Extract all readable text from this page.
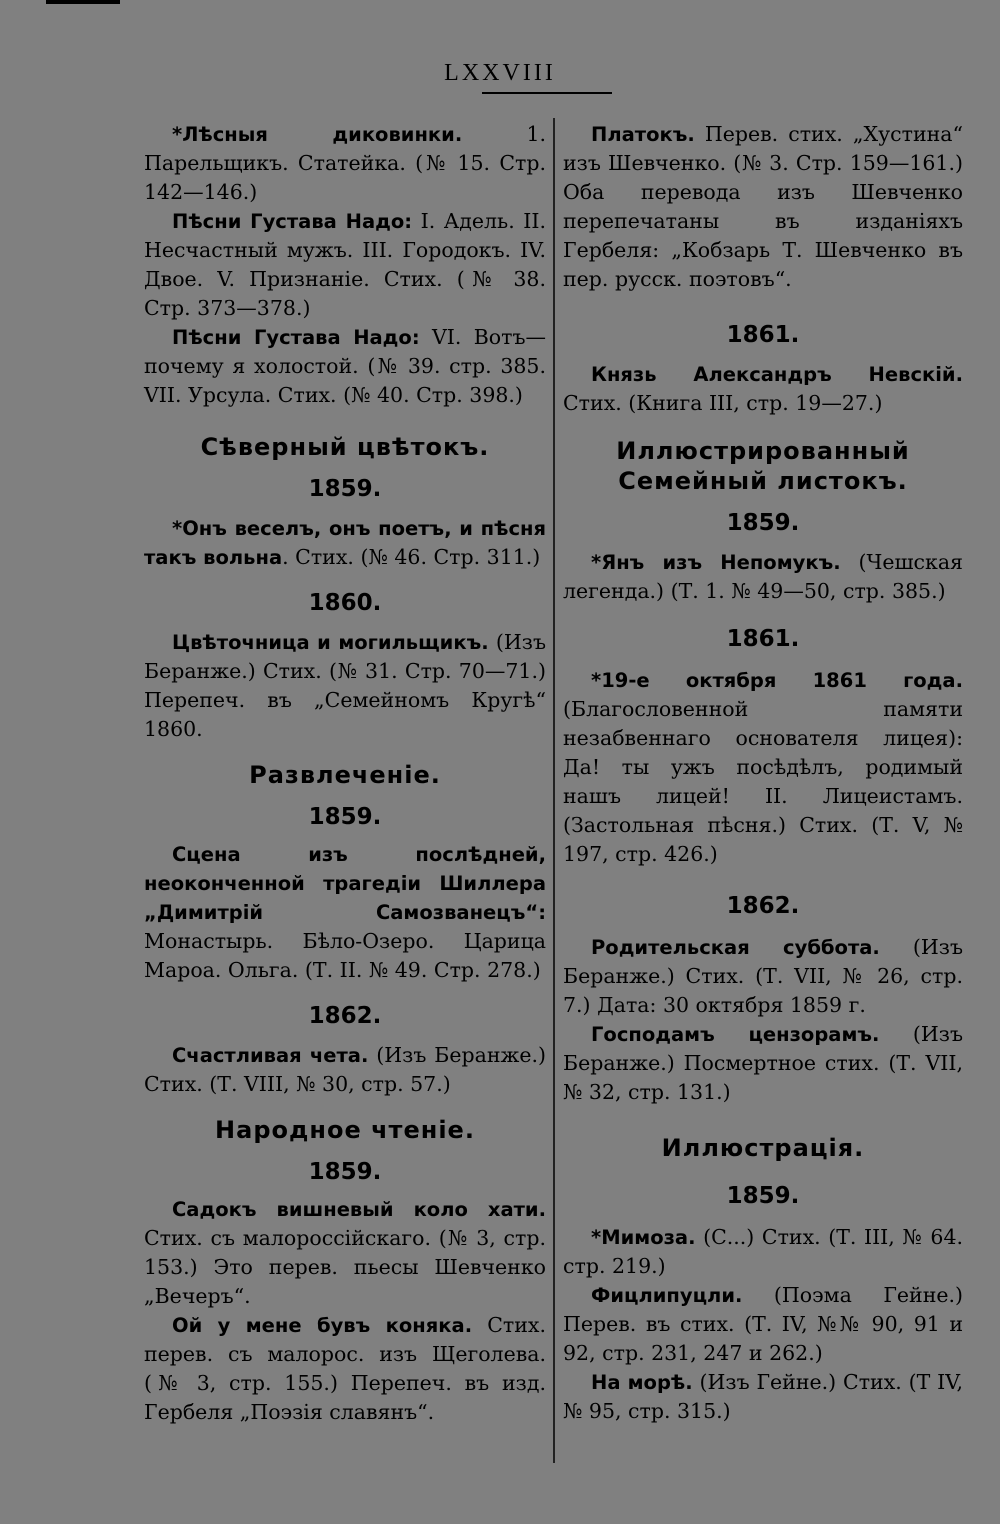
LXXVIII

*Лѣсныя диковинки. 1. Парельщикъ. Статейка. (№ 15. Стр. 142—146.)

Пѣсни Густава Надо: I. Адель. II. Несчастный мужъ. III. Городокъ. IV. Двое. V. Признаніе. Стих. (№ 38. Стр. 373—378.)

Пѣсни Густава Надо: VI. Вотъ—почему я холостой. (№ 39. стр. 385. VII. Урсула. Стих. (№ 40. Стр. 398.)

Сѣверный цвѣтокъ.

1859.

*Онъ веселъ, онъ поетъ, и пѣсня такъ вольна. Стих. (№ 46. Стр. 311.)

1860.

Цвѣточница и могильщикъ. (Изъ Беранже.) Стих. (№ 31. Стр. 70—71.) Перепеч. въ „Семейномъ Кругѣ“ 1860.

Развлеченіе.

1859.

Сцена изъ послѣдней, неоконченной трагедіи Шиллера „Димитрій Самозванецъ“: Монастырь. Бѣло-Озеро. Царица Мароа. Ольга. (Т. II. № 49. Стр. 278.)

1862.

Счастливая чета. (Изъ Беранже.) Стих. (Т. VIII, № 30, стр. 57.)

Народное чтеніе.

1859.

Садокъ вишневый коло хати. Стих. съ малороссійскаго. (№ 3, стр. 153.) Это перев. пьесы Шевченко „Вечеръ“.

Ой у мене бувъ коняка. Стих. перев. съ малорос. изъ Щеголева. (№ 3, стр. 155.) Перепеч. въ изд. Гербеля „Поэзія славянъ“.

Платокъ. Перев. стих. „Хустина“ изъ Шевченко. (№ 3. Стр. 159—161.) Оба перевода изъ Шевченко перепечатаны въ изданіяхъ Гербеля: „Кобзарь Т. Шевченко въ пер. русск. поэтовъ“.

1861.

Князь Александръ Невскій. Стих. (Книга III, стр. 19—27.)

Иллюстрированный Семейный листокъ.

1859.

*Янъ изъ Непомукъ. (Чешская легенда.) (Т. 1. № 49—50, стр. 385.)

1861.

*19-е октября 1861 года. (Благословенной памяти незабвеннаго основателя лицея): Да! ты ужъ посѣдѣлъ, родимый нашъ лицей! II. Лицеистамъ. (Застольная пѣсня.) Стих. (Т. V, № 197, стр. 426.)

1862.

Родительская суббота. (Изъ Беранже.) Стих. (Т. VII, № 26, стр. 7.) Дата: 30 октября 1859 г.

Господамъ цензорамъ. (Изъ Беранже.) Посмертное стих. (Т. VII, № 32, стр. 131.)

Иллюстрація.

1859.

*Мимоза. (С...) Стих. (Т. III, № 64. стр. 219.)

Фицлипуцли. (Поэма Гейне.) Перев. въ стих. (Т. IV, №№ 90, 91 и 92, стр. 231, 247 и 262.)

На морѣ. (Изъ Гейне.) Стих. (Т IV, № 95, стр. 315.)
